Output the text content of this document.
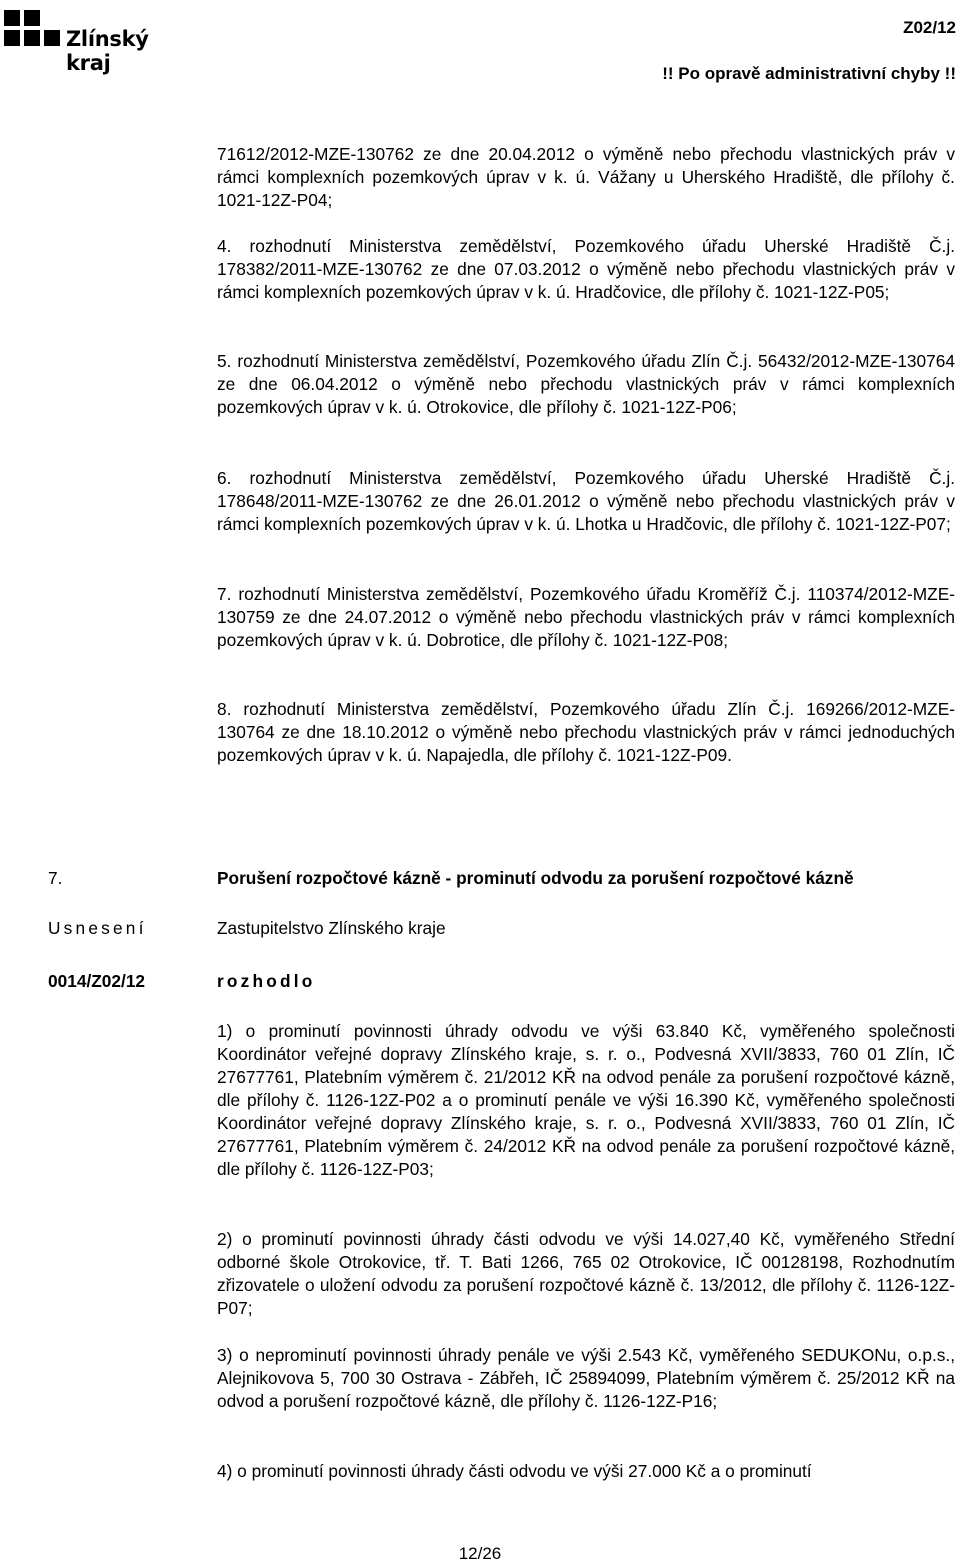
Zlínský kraj
Z02/12
!! Po opravě administrativní chyby !!
71612/2012-MZE-130762 ze dne 20.04.2012 o výměně nebo přechodu vlastnických práv v rámci komplexních pozemkových úprav v k. ú. Vážany u Uherského Hradiště, dle přílohy č. 1021-12Z-P04;
4. rozhodnutí Ministerstva zemědělství, Pozemkového úřadu Uherské Hradiště Č.j. 178382/2011-MZE-130762 ze dne 07.03.2012 o výměně nebo přechodu vlastnických práv v rámci komplexních pozemkových úprav v k. ú. Hradčovice, dle přílohy č. 1021-12Z-P05;
5. rozhodnutí Ministerstva zemědělství, Pozemkového úřadu Zlín Č.j. 56432/2012-MZE-130764 ze dne 06.04.2012 o výměně nebo přechodu vlastnických práv v rámci komplexních pozemkových úprav v k. ú. Otrokovice, dle přílohy č. 1021-12Z-P06;
6. rozhodnutí Ministerstva zemědělství, Pozemkového úřadu Uherské Hradiště Č.j. 178648/2011-MZE-130762 ze dne 26.01.2012 o výměně nebo přechodu vlastnických práv v rámci komplexních pozemkových úprav v k. ú. Lhotka u Hradčovic, dle přílohy č. 1021-12Z-P07;
7. rozhodnutí Ministerstva zemědělství, Pozemkového úřadu Kroměříž Č.j. 110374/2012-MZE-130759 ze dne 24.07.2012 o výměně nebo přechodu vlastnických práv v rámci komplexních pozemkových úprav v k. ú. Dobrotice, dle přílohy č. 1021-12Z-P08;
8. rozhodnutí Ministerstva zemědělství, Pozemkového úřadu Zlín Č.j. 169266/2012-MZE-130764 ze dne 18.10.2012 o výměně nebo přechodu vlastnických práv v rámci jednoduchých pozemkových úprav v k. ú. Napajedla, dle přílohy č. 1021-12Z-P09.
7.	Porušení rozpočtové kázně - prominutí odvodu za porušení rozpočtové kázně
Usnesení	Zastupitelstvo Zlínského kraje
0014/Z02/12	rozhodlo
1) o prominutí povinnosti úhrady odvodu ve výši 63.840 Kč, vyměřeného společnosti Koordinátor veřejné dopravy Zlínského kraje, s. r. o., Podvesná XVII/3833, 760 01 Zlín, IČ 27677761, Platebním výměrem č. 21/2012 KŘ na odvod penále za porušení rozpočtové kázně, dle přílohy č. 1126-12Z-P02 a o prominutí penále ve výši 16.390 Kč, vyměřeného společnosti Koordinátor veřejné dopravy Zlínského kraje, s. r. o., Podvesná XVII/3833, 760 01 Zlín, IČ 27677761, Platebním výměrem č. 24/2012 KŘ na odvod penále za porušení rozpočtové kázně, dle přílohy č. 1126-12Z-P03;
2) o prominutí povinnosti úhrady části odvodu ve výši 14.027,40 Kč, vyměřeného Střední odborné škole Otrokovice, tř. T. Bati 1266, 765 02 Otrokovice, IČ 00128198, Rozhodnutím zřizovatele o uložení odvodu za porušení rozpočtové kázně č. 13/2012, dle přílohy č. 1126-12Z-P07;
3) o neprominutí povinnosti úhrady penále ve výši 2.543 Kč, vyměřeného SEDUKONu, o.p.s., Alejnikovova 5, 700 30 Ostrava - Zábřeh, IČ 25894099, Platebním výměrem č. 25/2012 KŘ na odvod a porušení rozpočtové kázně, dle přílohy č. 1126-12Z-P16;
4) o prominutí povinnosti úhrady části odvodu ve výši 27.000 Kč a o prominutí
12/26
